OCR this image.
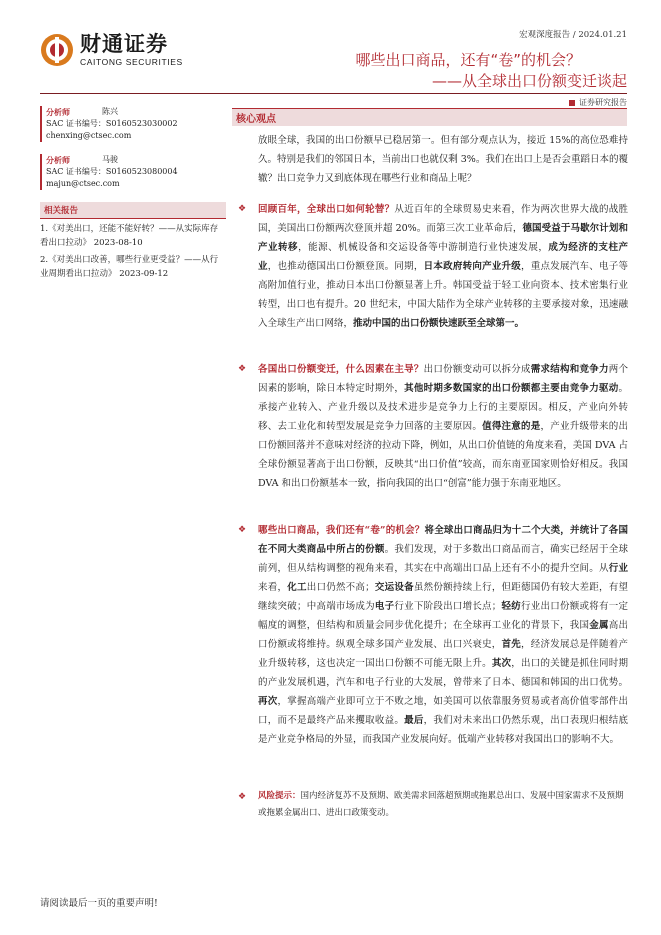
财通证券
CAITONG SECURITIES
宏观深度报告 / 2024.01.21
哪些出口商品，还有“卷”的机会？
——从全球出口份额变迁谈起
证券研究报告
分析师	陈兴
SAC 证书编号：S0160523030002
chenxing@ctsec.com
分析师	马骏
SAC 证书编号：S0160523080004
majun@ctsec.com
相关报告
1.《对美出口，还能不能好转？——从实际库存看出口拉动》 2023-08-10
2.《对美出口改善，哪些行业更受益？——从行业周期看出口拉动》 2023-09-12
核心观点
放眼全球，我国的出口份额早已稳居第一。但有部分观点认为，接近 15%的高位恐难持久。特别是我们的邻国日本，当前出口也就仅剩 3%。我们在出口上是否会重蹈日本的覆辙？出口竞争力又到底体现在哪些行业和商品上呢？
❖ 回顾百年，全球出口如何轮替？从近百年的全球贸易史来看，作为两次世界大战的战胜国，美国出口份额两次登顶并超 20%。而第三次工业革命后，德国受益于马歇尔计划和产业转移，能源、机械设备和交运设备等中游制造行业快速发展，成为经济的支柱产业，也推动德国出口份额登顶。同期，日本政府转向产业升级，重点发展汽车、电子等高附加值行业，推动日本出口份额显著上升。韩国受益于轻工业向资本、技术密集行业转型，出口也有提升。20 世纪末，中国大陆作为全球产业转移的主要承接对象，迅速融入全球生产出口网络，推动中国的出口份额快速跃至全球第一。
❖ 各国出口份额变迁，什么因素在主导？出口份额变动可以拆分成需求结构和竞争力两个因素的影响，除日本特定时期外，其他时期多数国家的出口份额都主要由竞争力驱动。承接产业转入、产业升级以及技术进步是竞争力上行的主要原因。相反，产业向外转移、去工业化和转型发展是竞争力回落的主要原因。值得注意的是，产业升级带来的出口份额回落并不意味对经济的拉动下降，例如，从出口价值链的角度来看，美国 DVA 占全球份额显著高于出口份额，反映其“出口价值”较高，而东南亚国家则恰好相反。我国 DVA 和出口份额基本一致，指向我国的出口“创富”能力强于东南亚地区。
❖ 哪些出口商品，我们还有“卷”的机会？将全球出口商品归为十二个大类，并统计了各国在不同大类商品中所占的份额。我们发现，对于多数出口商品而言，确实已经居于全球前列，但从结构调整的视角来看，其实在中高端出口品上还有不小的提升空间。从行业来看，化工出口仍然不高；交运设备虽然份额持续上行，但距德国仍有较大差距，有望继续突破；中高端市场成为电子行业下阶段出口增长点；轻纺行业出口份额或将有一定幅度的调整，但结构和质量会同步优化提升；在全球再工业化的背景下，我国金属高出口份额或将维持。纵观全球多国产业发展、出口兴衰史，首先，经济发展总是伴随着产业升级转移，这也决定一国出口份额不可能无限上升。其次，出口的关键是抓住同时期的产业发展机遇，汽车和电子行业的大发展，曾带来了日本、德国和韩国的出口优势。再次，掌握高端产业即可立于不败之地，如美国可以依靠服务贸易或者高价值零部件出口，而不是最终产品来攫取收益。最后，我们对未来出口仍然乐观，出口表现归根结底是产业竞争格局的外显，而我国产业发展向好。低端产业转移对我国出口的影响不大。
❖ 风险提示：国内经济复苏不及预期、欧美需求回落超预期或拖累总出口、发展中国家需求不及预期或拖累金属出口、进出口政策变动。
请阅读最后一页的重要声明!
